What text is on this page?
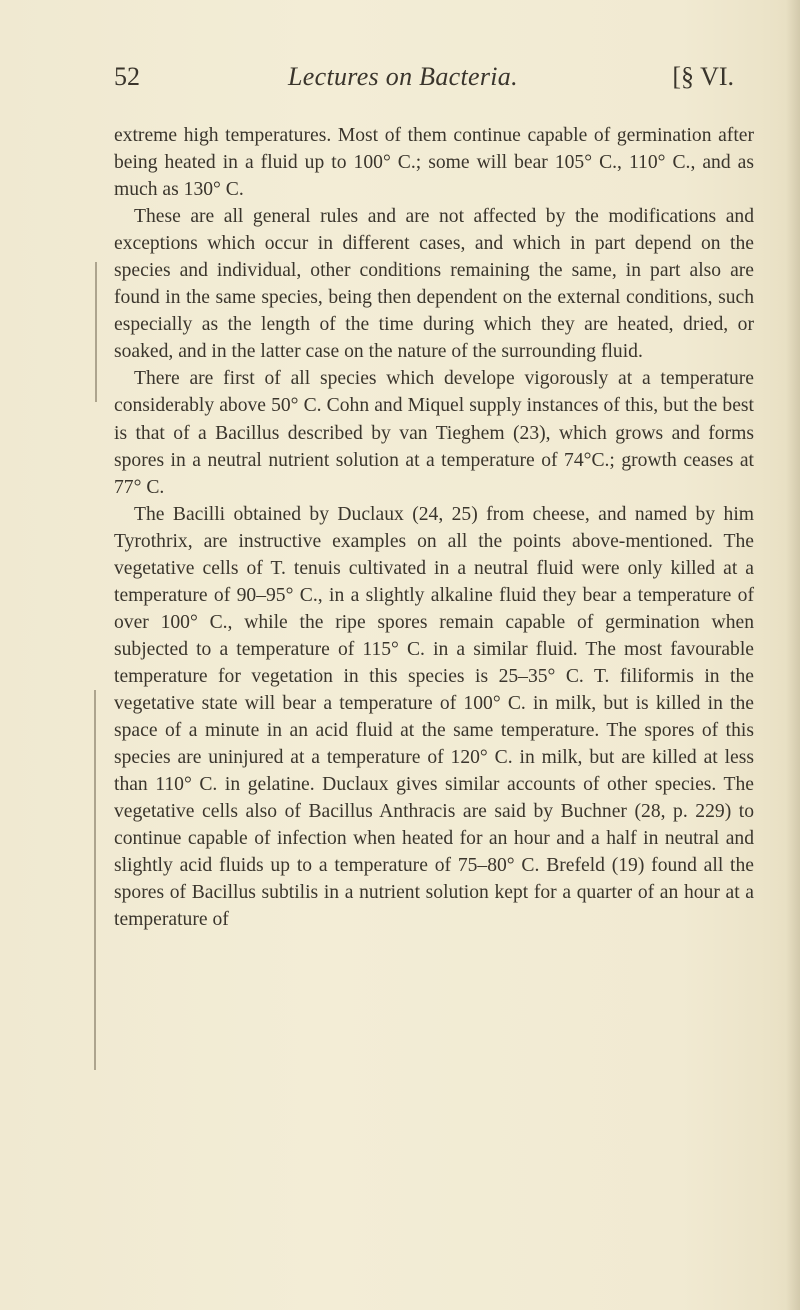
52	Lectures on Bacteria.	[§ VI.

extreme high temperatures. Most of them continue capable of germination after being heated in a fluid up to 100° C.; some will bear 105° C., 110° C., and as much as 130° C.

These are all general rules and are not affected by the modifications and exceptions which occur in different cases, and which in part depend on the species and individual, other conditions remaining the same, in part also are found in the same species, being then dependent on the external conditions, such especially as the length of the time during which they are heated, dried, or soaked, and in the latter case on the nature of the surrounding fluid.

There are first of all species which develope vigorously at a temperature considerably above 50° C. Cohn and Miquel supply instances of this, but the best is that of a Bacillus described by van Tieghem (23), which grows and forms spores in a neutral nutrient solution at a temperature of 74°C.; growth ceases at 77° C.

The Bacilli obtained by Duclaux (24, 25) from cheese, and named by him Tyrothrix, are instructive examples on all the points above-mentioned. The vegetative cells of T. tenuis cultivated in a neutral fluid were only killed at a temperature of 90–95° C., in a slightly alkaline fluid they bear a temperature of over 100° C., while the ripe spores remain capable of germination when subjected to a temperature of 115° C. in a similar fluid. The most favourable temperature for vegetation in this species is 25–35° C. T. filiformis in the vegetative state will bear a temperature of 100° C. in milk, but is killed in the space of a minute in an acid fluid at the same temperature. The spores of this species are uninjured at a temperature of 120° C. in milk, but are killed at less than 110° C. in gelatine. Duclaux gives similar accounts of other species. The vegetative cells also of Bacillus Anthracis are said by Buchner (28, p. 229) to continue capable of infection when heated for an hour and a half in neutral and slightly acid fluids up to a temperature of 75–80° C. Brefeld (19) found all the spores of Bacillus subtilis in a nutrient solution kept for a quarter of an hour at a temperature of
